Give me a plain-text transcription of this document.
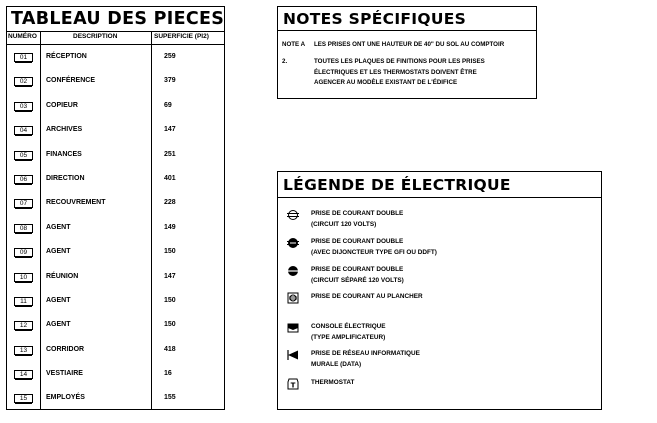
TABLEAU DES PIECES
NUMÉRO	DESCRIPTION	SUPERFICIE (PI2)
01	RÉCEPTION	259
02	CONFÉRENCE	379
03	COPIEUR	69
04	ARCHIVES	147
05	FINANCES	251
06	DIRECTION	401
07	RECOUVREMENT	228
08	AGENT	149
09	AGENT	150
10	RÉUNION	147
11	AGENT	150
12	AGENT	150
13	CORRIDOR	418
14	VESTIAIRE	16
15	EMPLOYÉS	155
NOTES SPÉCIFIQUES
NOTE A LES PRISES ONT UNE HAUTEUR DE 40" DU SOL AU COMPTOIR
2.	TOUTES LES PLAQUES DE FINITIONS POUR LES PRISES
ÉLECTRIQUES ET LES THERMOSTATS DOIVENT ÊTRE
AGENCER AU MODÈLE EXISTANT DE L'ÉDIFICE
LÉGENDE DE ÉLECTRIQUE
PRISE DE COURANT DOUBLE
(CIRCUIT 120 VOLTS)
PRISE DE COURANT DOUBLE
(AVEC DIJONCTEUR TYPE GFI OU DDFT)
PRISE DE COURANT DOUBLE
(CIRCUIT SÉPARÉ 120 VOLTS)
PRISE DE COURANT AU PLANCHER
CONSOLE ÉLECTRIQUE
(TYPE AMPLIFICATEUR)
PRISE DE RÉSEAU INFORMATIQUE
MURALE (DATA)
T THERMOSTAT
